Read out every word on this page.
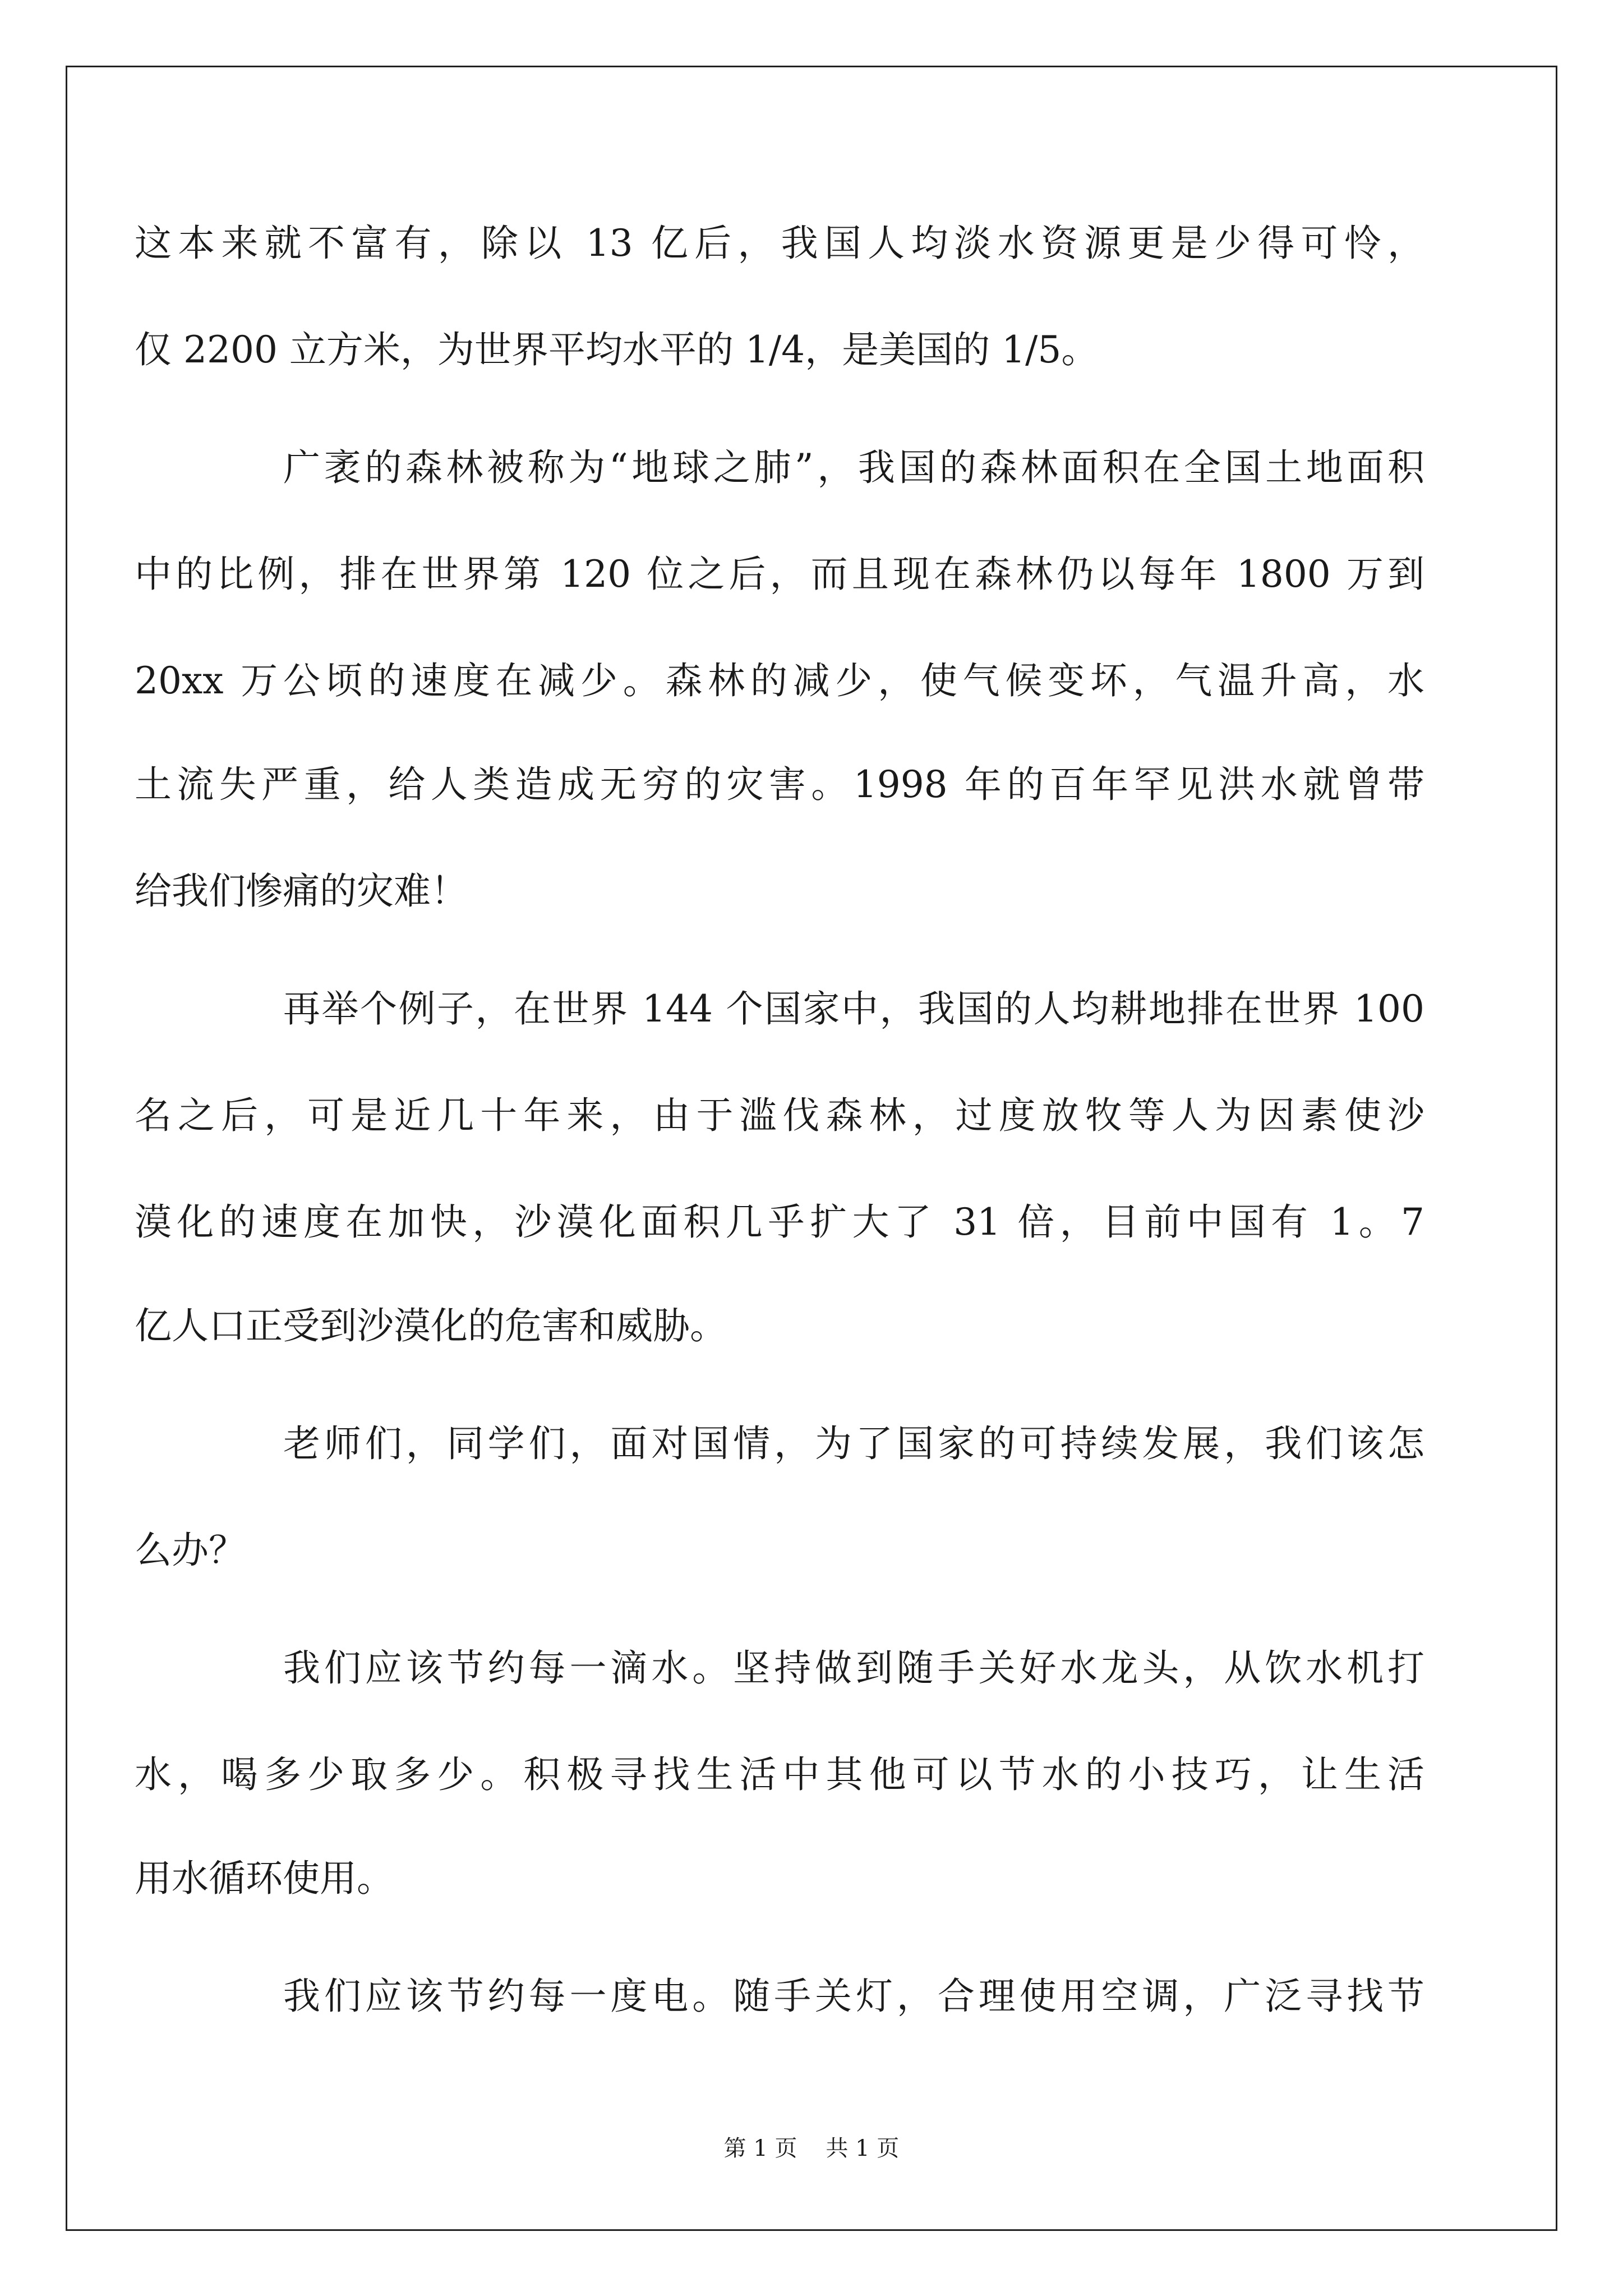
这本来就不富有，除以 13 亿后，我国人均淡水资源更是少得可怜，
仅 2200 立方米，为世界平均水平的 1/4，是美国的 1/5。
广袤的森林被称为“地球之肺”，我国的森林面积在全国土地面积
中的比例，排在世界第 120 位之后，而且现在森林仍以每年 1800 万到
20xx 万公顷的速度在减少。森林的减少，使气候变坏，气温升高，水
土流失严重，给人类造成无穷的灾害。1998 年的百年罕见洪水就曾带
给我们惨痛的灾难！
再举个例子，在世界 144 个国家中，我国的人均耕地排在世界 100
名之后，可是近几十年来，由于滥伐森林，过度放牧等人为因素使沙
漠化的速度在加快，沙漠化面积几乎扩大了 31 倍，目前中国有 1。7
亿人口正受到沙漠化的危害和威胁。
老师们，同学们，面对国情，为了国家的可持续发展，我们该怎
么办？
我们应该节约每一滴水。坚持做到随手关好水龙头，从饮水机打
水，喝多少取多少。积极寻找生活中其他可以节水的小技巧，让生活
用水循环使用。
我们应该节约每一度电。随手关灯，合理使用空调，广泛寻找节
第 1 页 共 1 页
